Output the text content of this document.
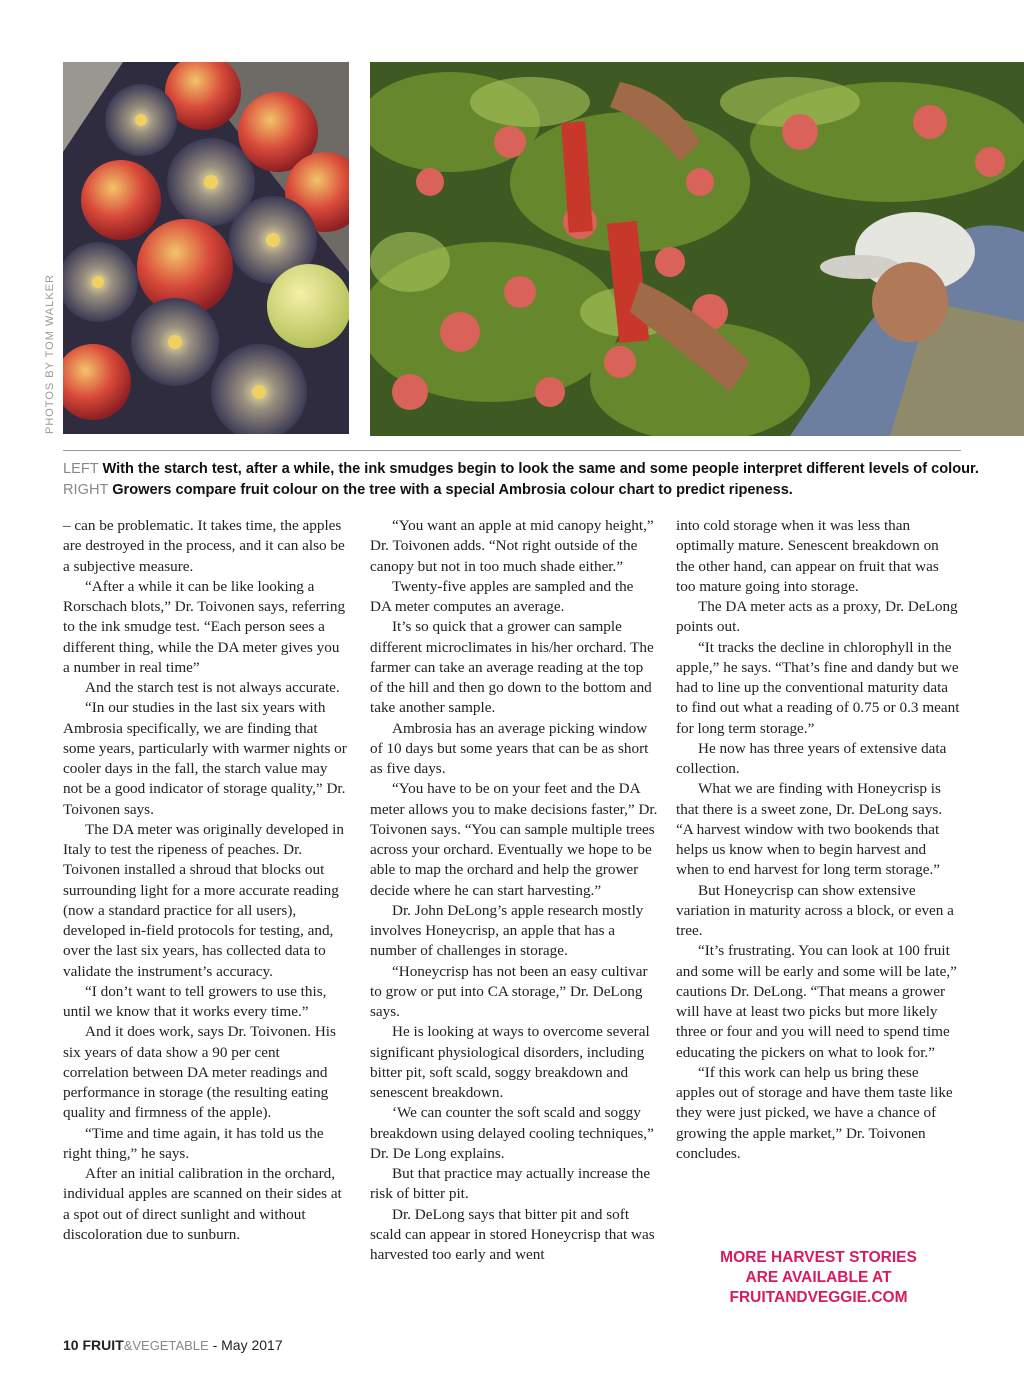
PHOTOS BY TOM WALKER
LEFT With the starch test, after a while, the ink smudges begin to look the same and some people interpret different levels of colour.
RIGHT Growers compare fruit colour on the tree with a special Ambrosia colour chart to predict ripeness.

– can be problematic. It takes time, the apples are destroyed in the process, and it can also be a subjective measure.

“After a while it can be like looking a Rorschach blots,” Dr. Toivonen says, referring to the ink smudge test. “Each person sees a different thing, while the DA meter gives you a number in real time”

And the starch test is not always accurate.

“In our studies in the last six years with Ambrosia specifically, we are finding that some years, particularly with warmer nights or cooler days in the fall, the starch value may not be a good indicator of storage quality,” Dr. Toivonen says.

The DA meter was originally developed in Italy to test the ripeness of peaches. Dr. Toivonen installed a shroud that blocks out surrounding light for a more accurate reading (now a standard practice for all users), developed in-field protocols for testing, and, over the last six years, has collected data to validate the instrument’s accuracy.

“I don’t want to tell growers to use this, until we know that it works every time.”

And it does work, says Dr. Toivonen. His six years of data show a 90 per cent correlation between DA meter readings and performance in storage (the resulting eating quality and firmness of the apple).

“Time and time again, it has told us the right thing,” he says.

After an initial calibration in the orchard, individual apples are scanned on their sides at a spot out of direct sunlight and without discoloration due to sunburn.

“You want an apple at mid canopy height,” Dr. Toivonen adds. “Not right outside of the canopy but not in too much shade either.”

Twenty-five apples are sampled and the DA meter computes an average.

It’s so quick that a grower can sample different microclimates in his/her orchard. The farmer can take an average reading at the top of the hill and then go down to the bottom and take another sample.

Ambrosia has an average picking window of 10 days but some years that can be as short as five days.

“You have to be on your feet and the DA meter allows you to make decisions faster,” Dr. Toivonen says. “You can sample multiple trees across your orchard. Eventually we hope to be able to map the orchard and help the grower decide where he can start harvesting.”

Dr. John DeLong’s apple research mostly involves Honeycrisp, an apple that has a number of challenges in storage.

“Honeycrisp has not been an easy cultivar to grow or put into CA storage,” Dr. DeLong says.

He is looking at ways to overcome several significant physiological disorders, including bitter pit, soft scald, soggy breakdown and senescent breakdown.

‘We can counter the soft scald and soggy breakdown using delayed cooling techniques,” Dr. De Long explains.

But that practice may actually increase the risk of bitter pit.

Dr. DeLong says that bitter pit and soft scald can appear in stored Honeycrisp that was harvested too early and went

into cold storage when it was less than optimally mature. Senescent breakdown on the other hand, can appear on fruit that was too mature going into storage.

The DA meter acts as a proxy, Dr. DeLong points out.

“It tracks the decline in chlorophyll in the apple,” he says. “That’s fine and dandy but we had to line up the conventional maturity data to find out what a reading of 0.75 or 0.3 meant for long term storage.”

He now has three years of extensive data collection.

What we are finding with Honeycrisp is that there is a sweet zone, Dr. DeLong says. “A harvest window with two bookends that helps us know when to begin harvest and when to end harvest for long term storage.”

But Honeycrisp can show extensive variation in maturity across a block, or even a tree.

“It’s frustrating. You can look at 100 fruit and some will be early and some will be late,” cautions Dr. DeLong. “That means a grower will have at least two picks but more likely three or four and you will need to spend time educating the pickers on what to look for.”

“If this work can help us bring these apples out of storage and have them taste like they were just picked, we have a chance of growing the apple market,” Dr. Toivonen concludes.

MORE HARVEST STORIES
ARE AVAILABLE AT
FRUITANDVEGGIE.COM
10 FRUIT&VEGETABLE - May 2017
